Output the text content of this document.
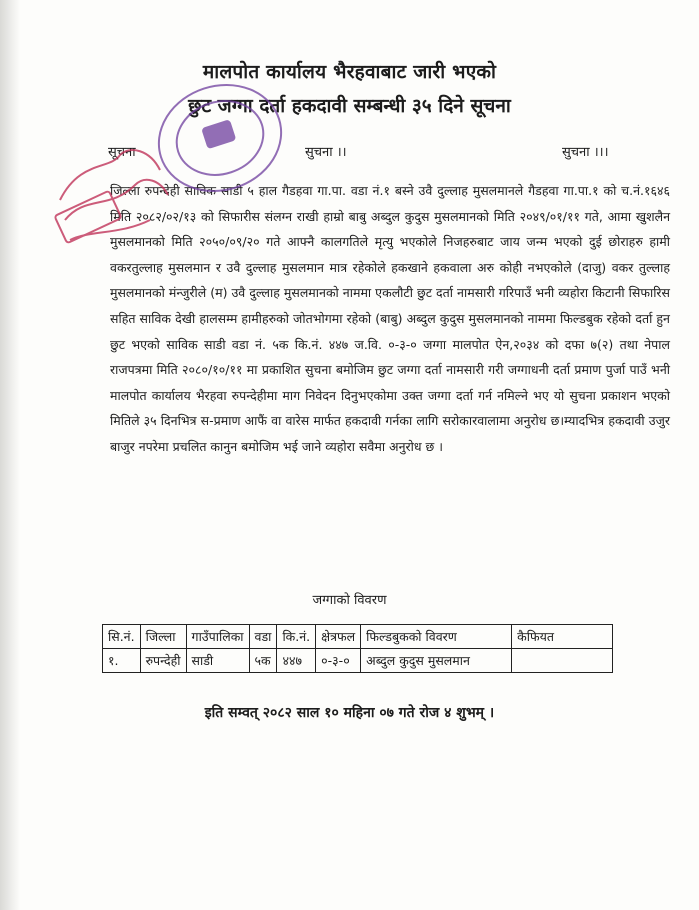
मालपोत कार्यालय भैरहवाबाट जारी भएको
छुट जग्गा दर्ता हकदावी सम्बन्धी ३५ दिने सूचना
सूचना	सुचना ।।	सुचना ।।।

जिल्ला रुपन्देही साविक साडी ५ हाल गैडहवा गा.पा. वडा नं.१ बस्ने उवै दुल्लाह मुसलमानले गैडहवा गा.पा.१ को च.नं.१६४६ मिति २०८२/०२/१३ को सिफारीस संलग्न राखी हाम्रो बाबु अब्दुल कुदुस मुसलमानको मिति २०४९/०१/११ गते, आमा खुशलैन मुसलमानको मिति २०५०/०९/२० गते आफ्नै कालगतिले मृत्यु भएकोले निजहरुबाट जाय जन्म भएको दुई छोराहरु हामी वकरतुल्लाह मुसलमान र उवै दुल्लाह मुसलमान मात्र रहेकोले हकखाने हकवाला अरु कोही नभएकोले (दाजु) वकर तुल्लाह मुसलमानको मंन्जुरीले (म) उवै दुल्लाह मुसलमानको नाममा एकलौटी छुट दर्ता नामसारी गरिपाउँ भनी व्यहोरा किटानी सिफारिस सहित साविक देखी हालसम्म हामीहरुको जोतभोगमा रहेको (बाबु) अब्दुल कुदुस मुसलमानको नाममा फिल्डबुक रहेको दर्ता हुन छुट भएको साविक साडी वडा नं. ५क कि.नं. ४४७ ज.वि. ०-३-० जग्गा मालपोत ऐन,२०३४ को दफा ७(२) तथा नेपाल राजपत्रमा मिति २०८०/१०/११ मा प्रकाशित सुचना बमोजिम छुट जग्गा दर्ता नामसारी गरी जग्गाधनी दर्ता प्रमाण पुर्जा पाउँ भनी मालपोत कार्यालय भैरहवा रुपन्देहीमा माग निवेदन दिनुभएकोमा उक्त जग्गा दर्ता गर्न नमिल्ने भए यो सुचना प्रकाशन भएको मितिले ३५ दिनभित्र स-प्रमाण आफैं वा वारेस मार्फत हकदावी गर्नका लागि सरोकारवालामा अनुरोध छ।म्यादभित्र हकदावी उजुर बाजुर नपरेमा प्रचलित कानुन बमोजिम भई जाने व्यहोरा सवैमा अनुरोध छ ।

जग्गाको विवरण
सि.नं.	जिल्ला	गाउँपालिका	वडा	कि.नं.	क्षेत्रफल	फिल्डबुकको विवरण	कैफियत
१.	रुपन्देही	साडी	५क	४४७	०-३-०	अब्दुल कुदुस मुसलमान	
इति सम्वत् २०८२ साल १० महिना ०७ गते रोज ४ शुभम् ।
